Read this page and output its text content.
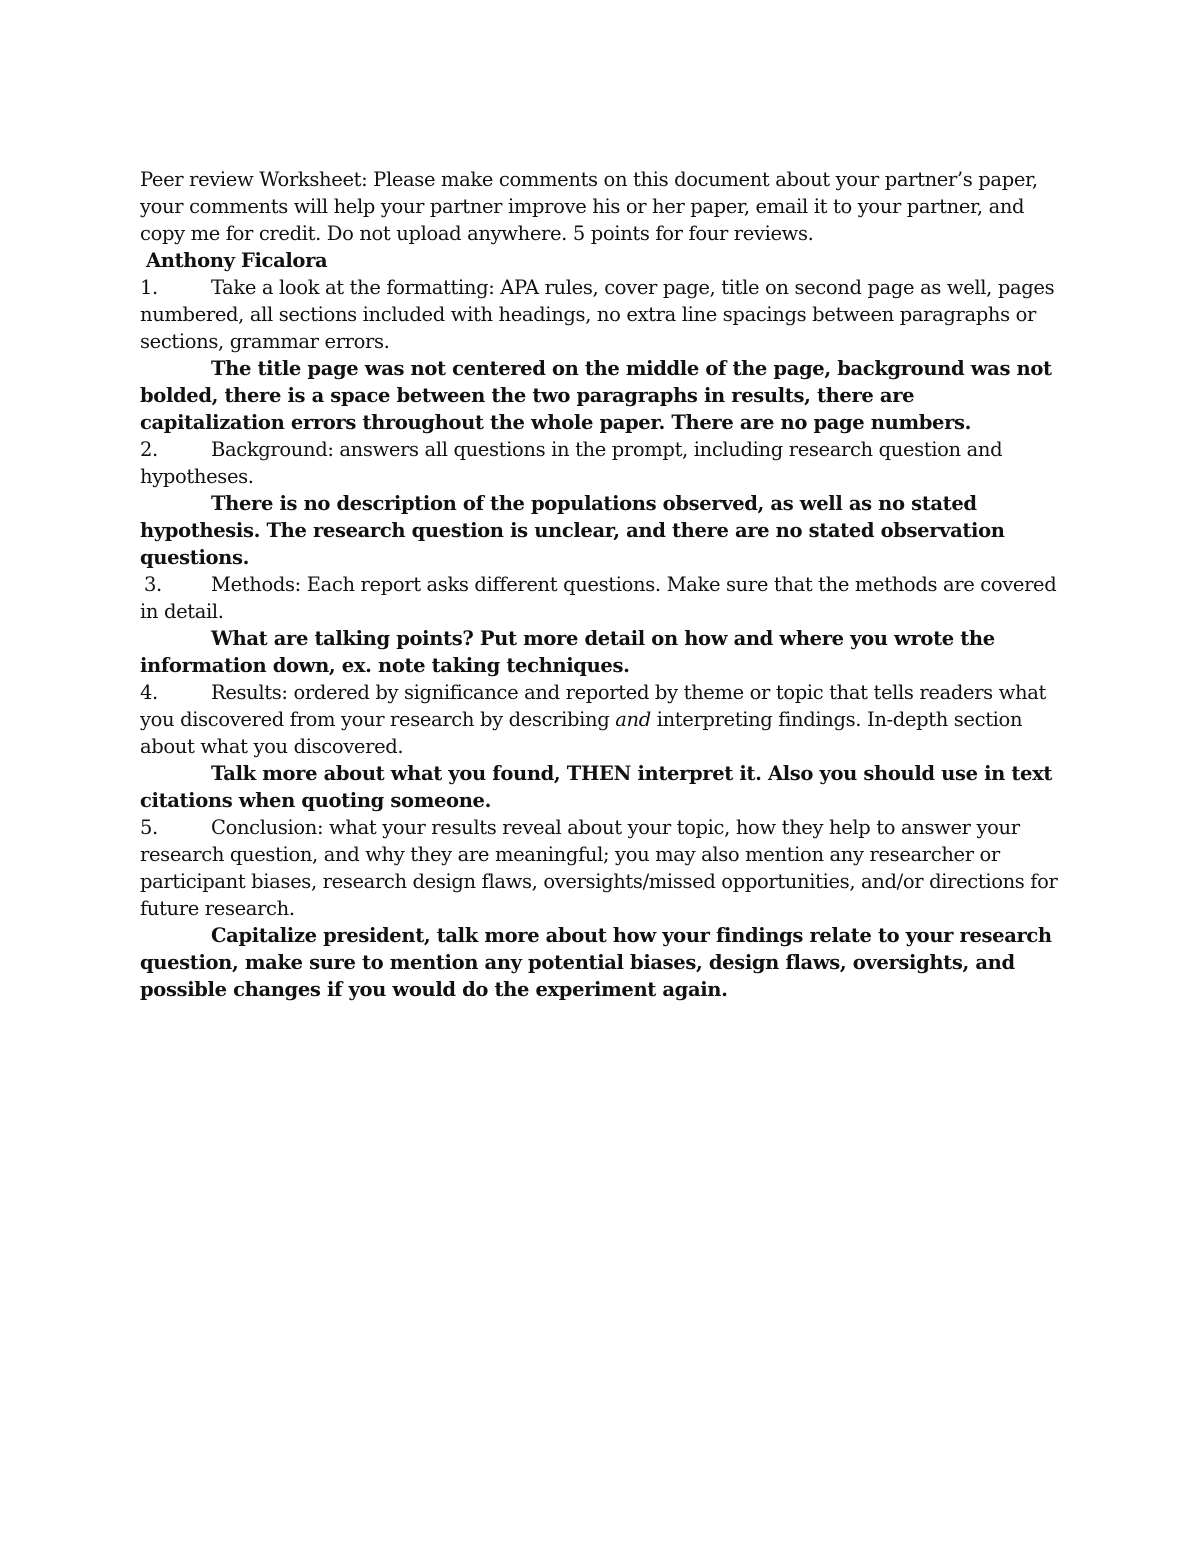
Peer review Worksheet: Please make comments on this document about your partner’s paper, your comments will help your partner improve his or her paper, email it to your partner, and copy me for credit. Do not upload anywhere. 5 points for four reviews.

Anthony Ficalora

1.	Take a look at the formatting: APA rules, cover page, title on second page as well, pages numbered, all sections included with headings, no extra line spacings between paragraphs or sections, grammar errors.

The title page was not centered on the middle of the page, background was not bolded, there is a space between the two paragraphs in results, there are capitalization errors throughout the whole paper. There are no page numbers.

2.	Background: answers all questions in the prompt, including research question and hypotheses.

There is no description of the populations observed, as well as no stated hypothesis. The research question is unclear, and there are no stated observation questions.

3.	Methods: Each report asks different questions. Make sure that the methods are covered in detail.

What are talking points? Put more detail on how and where you wrote the information down, ex. note taking techniques.

4.	Results: ordered by significance and reported by theme or topic that tells readers what you discovered from your research by describing and interpreting findings. In-depth section about what you discovered.

Talk more about what you found, THEN interpret it. Also you should use in text citations when quoting someone.

5.	Conclusion: what your results reveal about your topic, how they help to answer your research question, and why they are meaningful; you may also mention any researcher or participant biases, research design flaws, oversights/missed opportunities, and/or directions for future research.

Capitalize president, talk more about how your findings relate to your research question, make sure to mention any potential biases, design flaws, oversights, and possible changes if you would do the experiment again.
